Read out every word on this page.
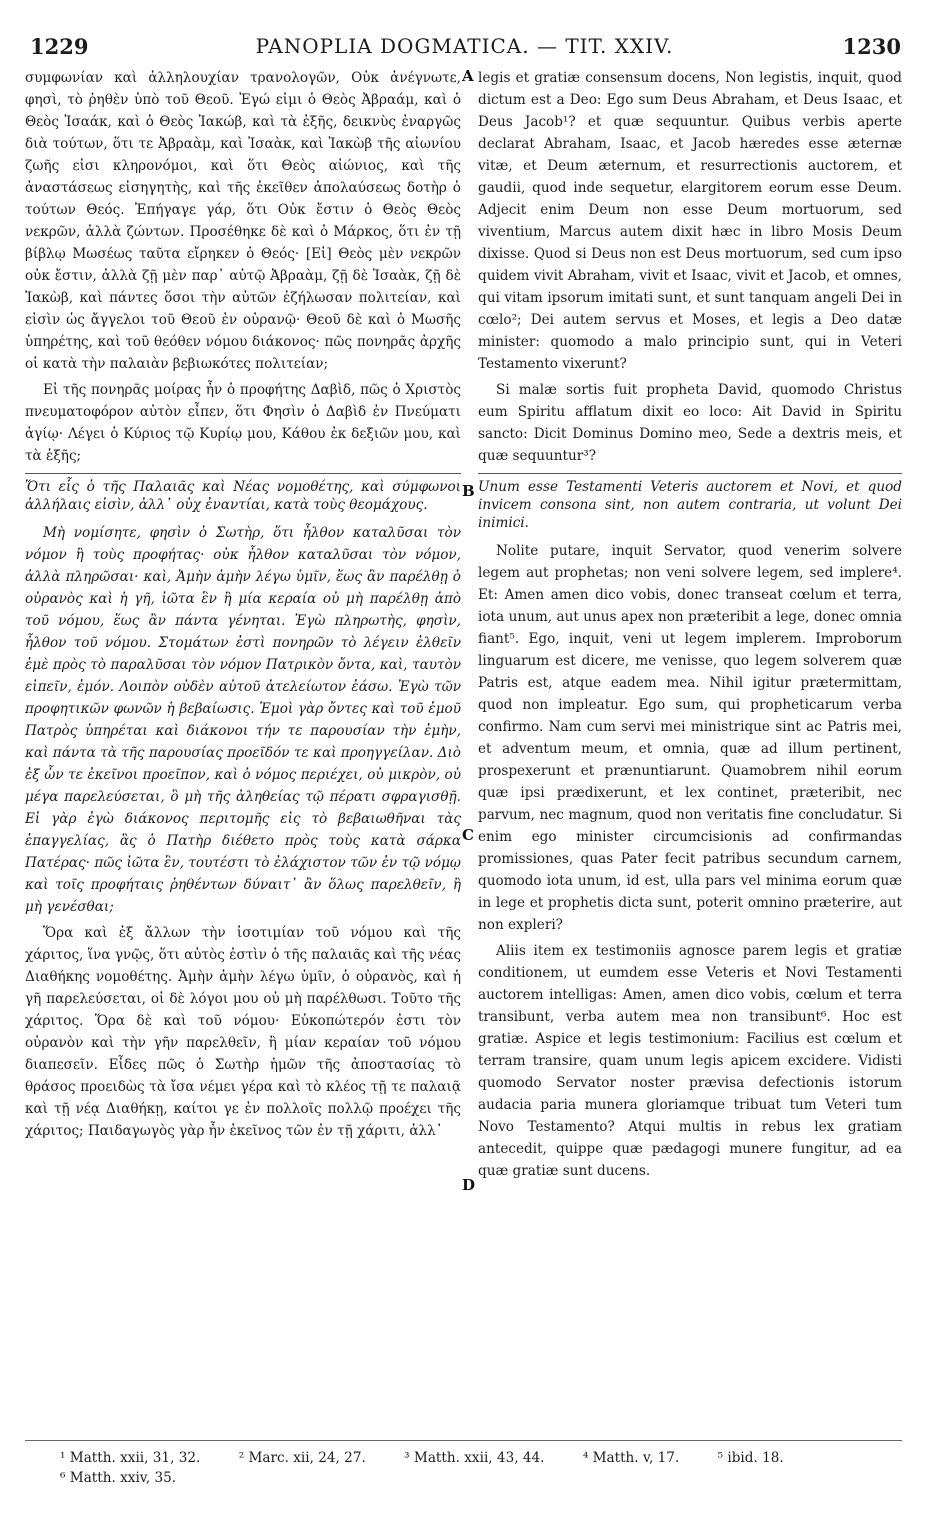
1229	PANOPLIA DOGMATICA. — TIT. XXIV.	1230

συμφωνίαν καὶ ἀλληλουχίαν τρανολογῶν, Οὐκ ἀνέγνωτε, φησὶ, τὸ ῥηθὲν ὑπὸ τοῦ Θεοῦ. Ἐγώ εἰμι ὁ Θεὸς Ἀβραάμ, καὶ ὁ Θεὸς Ἰσαάκ, καὶ ὁ Θεὸς Ἰακώβ, καὶ τὰ ἑξῆς, δεικνὺς ἐναργῶς διὰ τούτων, ὅτι τε Ἀβραὰμ, καὶ Ἰσαὰκ, καὶ Ἰακὼβ τῆς αἰωνίου ζωῆς εἰσι κληρονόμοι, καὶ ὅτι Θεὸς αἰώνιος, καὶ τῆς ἀναστάσεως εἰσηγητὴς, καὶ τῆς ἐκεῖθεν ἀπολαύσεως δοτὴρ ὁ τούτων Θεός. Ἐπήγαγε γάρ, ὅτι Οὐκ ἔστιν ὁ Θεὸς Θεὸς νεκρῶν, ἀλλὰ ζώντων. Προσέθηκε δὲ καὶ ὁ Μάρκος, ὅτι ἐν τῇ βίβλῳ Μωσέως ταῦτα εἴρηκεν ὁ Θεός· [Εἰ] Θεὸς μὲν νεκρῶν οὐκ ἔστιν, ἀλλὰ ζῇ μὲν παρ᾽ αὐτῷ Ἀβραὰμ, ζῇ δὲ Ἰσαὰκ, ζῇ δὲ Ἰακὼβ, καὶ πάντες ὅσοι τὴν αὐτῶν ἐζήλωσαν πολιτείαν, καὶ εἰσὶν ὡς ἄγγελοι τοῦ Θεοῦ ἐν οὐρανῷ· Θεοῦ δὲ καὶ ὁ Μωσῆς ὑπηρέτης, καὶ τοῦ θεόθεν νόμου διάκονος· πῶς πονηρᾶς ἀρχῆς οἱ κατὰ τὴν παλαιὰν βεβιωκότες πολιτείαν;

Εἰ τῆς πονηρᾶς μοίρας ἦν ὁ προφήτης Δαβὶδ, πῶς ὁ Χριστὸς πνευματοφόρον αὐτὸν εἶπεν, ὅτι Φησὶν ὁ Δαβὶδ ἐν Πνεύματι ἁγίῳ· Λέγει ὁ Κύριος τῷ Κυρίῳ μου, Κάθου ἐκ δεξιῶν μου, καὶ τὰ ἑξῆς;

Ὅτι εἷς ὁ τῆς Παλαιᾶς καὶ Νέας νομοθέτης, καὶ σύμφωνοι ἀλλήλαις εἰσὶν, ἀλλ᾽ οὐχ ἐναντίαι, κατὰ τοὺς θεομάχους.

Μὴ νομίσητε, φησὶν ὁ Σωτὴρ, ὅτι ἦλθον καταλῦσαι τὸν νόμον ἢ τοὺς προφήτας· οὐκ ἦλθον καταλῦσαι τὸν νόμον, ἀλλὰ πληρῶσαι· καὶ, Ἀμὴν ἀμὴν λέγω ὑμῖν, ἕως ἂν παρέλθῃ ὁ οὐρανὸς καὶ ἡ γῆ, ἰῶτα ἓν ἢ μία κεραία οὐ μὴ παρέλθῃ ἀπὸ τοῦ νόμου, ἕως ἂν πάντα γένηται. Ἐγὼ πληρωτὴς, φησὶν, ἦλθον τοῦ νόμου. Στομάτων ἐστὶ πονηρῶν τὸ λέγειν ἐλθεῖν ἐμὲ πρὸς τὸ παραλῦσαι τὸν νόμον Πατρικὸν ὄντα, καὶ, ταυτὸν εἰπεῖν, ἐμόν. Λοιπὸν οὐδὲν αὐτοῦ ἀτελείωτον ἐάσω. Ἐγὼ τῶν προφητικῶν φωνῶν ἡ βεβαίωσις. Ἐμοὶ γὰρ ὄντες καὶ τοῦ ἐμοῦ Πατρὸς ὑπηρέται καὶ διάκονοι τήν τε παρουσίαν τὴν ἐμὴν, καὶ πάντα τὰ τῆς παρουσίας προεῖδόν τε καὶ προηγγείλαν. Διὸ ἐξ ὧν τε ἐκεῖνοι προεῖπον, καὶ ὁ νόμος περιέχει, οὐ μικρὸν, οὐ μέγα παρελεύσεται, ὃ μὴ τῆς ἀληθείας τῷ πέρατι σφραγισθῇ. Εἰ γὰρ ἐγὼ διάκονος περιτομῆς εἰς τὸ βεβαιωθῆναι τὰς ἐπαγγελίας, ἃς ὁ Πατὴρ διέθετο πρὸς τοὺς κατὰ σάρκα Πατέρας· πῶς ἰῶτα ἓν, τουτέστι τὸ ἐλάχιστον τῶν ἐν τῷ νόμῳ καὶ τοῖς προφήταις ῥηθέντων δύναιτ᾽ ἂν ὅλως παρελθεῖν, ἢ μὴ γενέσθαι;

Ὅρα καὶ ἐξ ἄλλων τὴν ἰσοτιμίαν τοῦ νόμου καὶ τῆς χάριτος, ἵνα γνῷς, ὅτι αὐτὸς ἐστὶν ὁ τῆς παλαιᾶς καὶ τῆς νέας Διαθήκης νομοθέτης. Ἀμὴν ἀμὴν λέγω ὑμῖν, ὁ οὐρανὸς, καὶ ἡ γῆ παρελεύσεται, οἱ δὲ λόγοι μου οὐ μὴ παρέλθωσι. Τοῦτο τῆς χάριτος. Ὅρα δὲ καὶ τοῦ νόμου· Εὐκοπώτερόν ἐστι τὸν οὐρανὸν καὶ τὴν γῆν παρελθεῖν, ἢ μίαν κεραίαν τοῦ νόμου διαπεσεῖν. Εἶδες πῶς ὁ Σωτὴρ ἡμῶν τῆς ἀποστασίας τὸ θράσος προειδὼς τὰ ἴσα νέμει γέρα καὶ τὸ κλέος τῇ τε παλαιᾷ καὶ τῇ νέᾳ Διαθήκῃ, καίτοι γε ἐν πολλοῖς πολλῷ προέχει τῆς χάριτος; Παιδαγωγὸς γὰρ ἦν ἐκεῖνος τῶν ἐν τῇ χάριτι, ἀλλ᾽

A
B
C
D

legis et gratiæ consensum docens, Non legistis, inquit, quod dictum est a Deo: Ego sum Deus Abraham, et Deus Isaac, et Deus Jacob¹? et quæ sequuntur. Quibus verbis aperte declarat Abraham, Isaac, et Jacob hæredes esse æternæ vitæ, et Deum æternum, et resurrectionis auctorem, et gaudii, quod inde sequetur, elargitorem eorum esse Deum. Adjecit enim Deum non esse Deum mortuorum, sed viventium, Marcus autem dixit hæc in libro Mosis Deum dixisse. Quod si Deus non est Deus mortuorum, sed cum ipso quidem vivit Abraham, vivit et Isaac, vivit et Jacob, et omnes, qui vitam ipsorum imitati sunt, et sunt tanquam angeli Dei in cœlo²; Dei autem servus et Moses, et legis a Deo datæ minister: quomodo a malo principio sunt, qui in Veteri Testamento vixerunt?

Si malæ sortis fuit propheta David, quomodo Christus eum Spiritu afflatum dixit eo loco: Ait David in Spiritu sancto: Dicit Dominus Domino meo, Sede a dextris meis, et quæ sequuntur³?

Unum esse Testamenti Veteris auctorem et Novi, et quod invicem consona sint, non autem contraria, ut volunt Dei inimici.

Nolite putare, inquit Servator, quod venerim solvere legem aut prophetas; non veni solvere legem, sed implere⁴. Et: Amen amen dico vobis, donec transeat cœlum et terra, iota unum, aut unus apex non præteribit a lege, donec omnia fiant⁵. Ego, inquit, veni ut legem implerem. Improborum linguarum est dicere, me venisse, quo legem solverem quæ Patris est, atque eadem mea. Nihil igitur prætermittam, quod non impleatur. Ego sum, qui propheticarum verba confirmo. Nam cum servi mei ministrique sint ac Patris mei, et adventum meum, et omnia, quæ ad illum pertinent, prospexerunt et prænuntiarunt. Quamobrem nihil eorum quæ ipsi prædixerunt, et lex continet, præteribit, nec parvum, nec magnum, quod non veritatis fine concludatur. Si enim ego minister circumcisionis ad confirmandas promissiones, quas Pater fecit patribus secundum carnem, quomodo iota unum, id est, ulla pars vel minima eorum quæ in lege et prophetis dicta sunt, poterit omnino præterire, aut non expleri?

Aliis item ex testimoniis agnosce parem legis et gratiæ conditionem, ut eumdem esse Veteris et Novi Testamenti auctorem intelligas: Amen, amen dico vobis, cœlum et terra transibunt, verba autem mea non transibunt⁶. Hoc est gratiæ. Aspice et legis testimonium: Facilius est cœlum et terram transire, quam unum legis apicem excidere. Vidisti quomodo Servator noster prævisa defectionis istorum audacia paria munera gloriamque tribuat tum Veteri tum Novo Testamento? Atqui multis in rebus lex gratiam antecedit, quippe quæ pædagogi munere fungitur, ad ea quæ gratiæ sunt ducens.

¹ Matth. xxii, 31, 32.	² Marc. xii, 24, 27.	³ Matth. xxii, 43, 44.	⁴ Matth. v, 17.	⁵ ibid. 18.
⁶ Matth. xxiv, 35.
